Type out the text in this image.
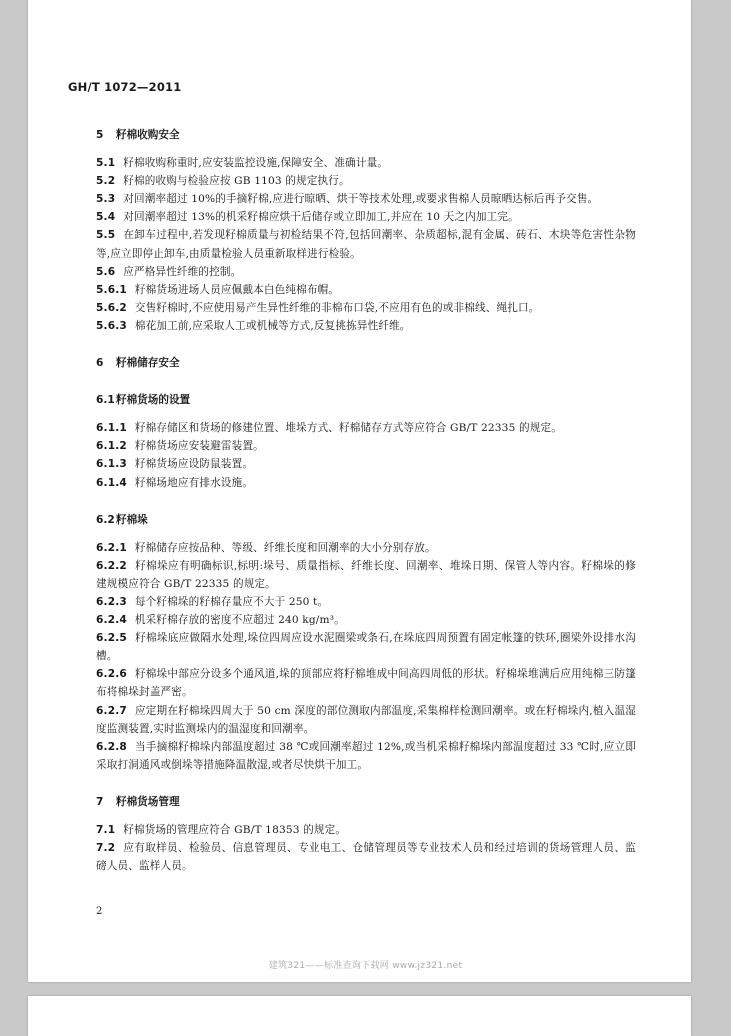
GH/T 1072—2011

5 籽棉收购安全

5.1 籽棉收购称重时,应安装监控设施,保障安全、准确计量。

5.2 籽棉的收购与检验应按 GB 1103 的规定执行。

5.3 对回潮率超过 10%的手摘籽棉,应进行晾晒、烘干等技术处理,或要求售棉人员晾晒达标后再予交售。

5.4 对回潮率超过 13%的机采籽棉应烘干后储存或立即加工,并应在 10 天之内加工完。

5.5 在卸车过程中,若发现籽棉质量与初检结果不符,包括回潮率、杂质超标,混有金属、砖石、木块等危害性杂物等,应立即停止卸车,由质量检验人员重新取样进行检验。

5.6 应严格异性纤维的控制。

5.6.1 籽棉货场进场人员应佩戴本白色纯棉布帽。

5.6.2 交售籽棉时,不应使用易产生异性纤维的非棉布口袋,不应用有色的或非棉线、绳扎口。

5.6.3 棉花加工前,应采取人工或机械等方式,反复挑拣异性纤维。

6 籽棉储存安全

6.1籽棉货场的设置

6.1.1 籽棉存储区和货场的修建位置、堆垛方式、籽棉储存方式等应符合 GB/T 22335 的规定。

6.1.2 籽棉货场应安装避雷装置。

6.1.3 籽棉货场应设防鼠装置。

6.1.4 籽棉场地应有排水设施。

6.2籽棉垛

6.2.1 籽棉储存应按品种、等级、纤维长度和回潮率的大小分别存放。

6.2.2 籽棉垛应有明确标识,标明:垛号、质量指标、纤维长度、回潮率、堆垛日期、保管人等内容。籽棉垛的修建规模应符合 GB/T 22335 的规定。

6.2.3 每个籽棉垛的籽棉存量应不大于 250 t。

6.2.4 机采籽棉存放的密度不应超过 240 kg/m³。

6.2.5 籽棉垛底应做隔水处理,垛位四周应设水泥圈梁或条石,在垛底四周预置有固定帐篷的铁环,圈梁外设排水沟槽。

6.2.6 籽棉垛中部应分设多个通风道,垛的顶部应将籽棉堆成中间高四周低的形状。籽棉垛堆满后应用纯棉三防篷布将棉垛封盖严密。

6.2.7 应定期在籽棉垛四周大于 50 cm 深度的部位测取内部温度,采集棉样检测回潮率。或在籽棉垛内,植入温湿度监测装置,实时监测垛内的温湿度和回潮率。

6.2.8 当手摘棉籽棉垛内部温度超过 38 ℃或回潮率超过 12%,或当机采棉籽棉垛内部温度超过 33 ℃时,应立即采取打洞通风或倒垛等措施降温散湿,或者尽快烘干加工。

7 籽棉货场管理

7.1 籽棉货场的管理应符合 GB/T 18353 的规定。

7.2 应有取样员、检验员、信息管理员、专业电工、仓储管理员等专业技术人员和经过培训的货场管理人员、监磅人员、监样人员。

2
建筑321——标准查询下载网 www.jz321.net
